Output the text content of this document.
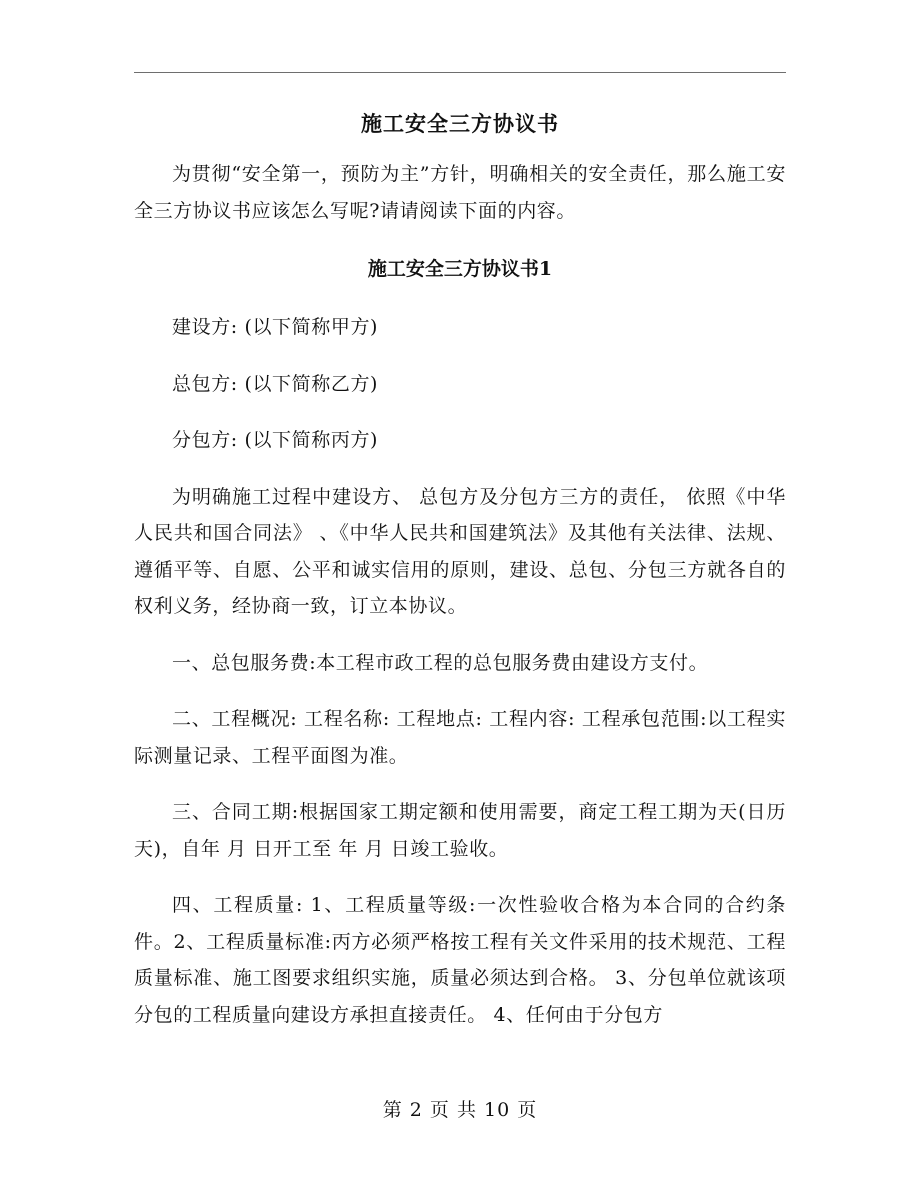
施工安全三方协议书

为贯彻“安全第一，预防为主”方针，明确相关的安全责任，那么施工安全三方协议书应该怎么写呢?请请阅读下面的内容。

施工安全三方协议书1

建设方: (以下简称甲方)

总包方: (以下简称乙方)

分包方: (以下简称丙方)

为明确施工过程中建设方、 总包方及分包方三方的责任， 依照《中华人民共和国合同法》 、《中华人民共和国建筑法》及其他有关法律、法规、遵循平等、自愿、公平和诚实信用的原则，建设、总包、分包三方就各自的权利义务，经协商一致，订立本协议。

一、总包服务费:本工程市政工程的总包服务费由建设方支付。

二、工程概况: 工程名称: 工程地点: 工程内容: 工程承包范围:以工程实际测量记录、工程平面图为准。

三、合同工期:根据国家工期定额和使用需要，商定工程工期为天(日历天)，自年 月 日开工至 年 月 日竣工验收。

四、工程质量: 1、工程质量等级:一次性验收合格为本合同的合约条件。2、工程质量标准:丙方必须严格按工程有关文件采用的技术规范、工程质量标准、施工图要求组织实施，质量必须达到合格。 3、分包单位就该项分包的工程质量向建设方承担直接责任。 4、任何由于分包方

第 2 页 共 10 页
